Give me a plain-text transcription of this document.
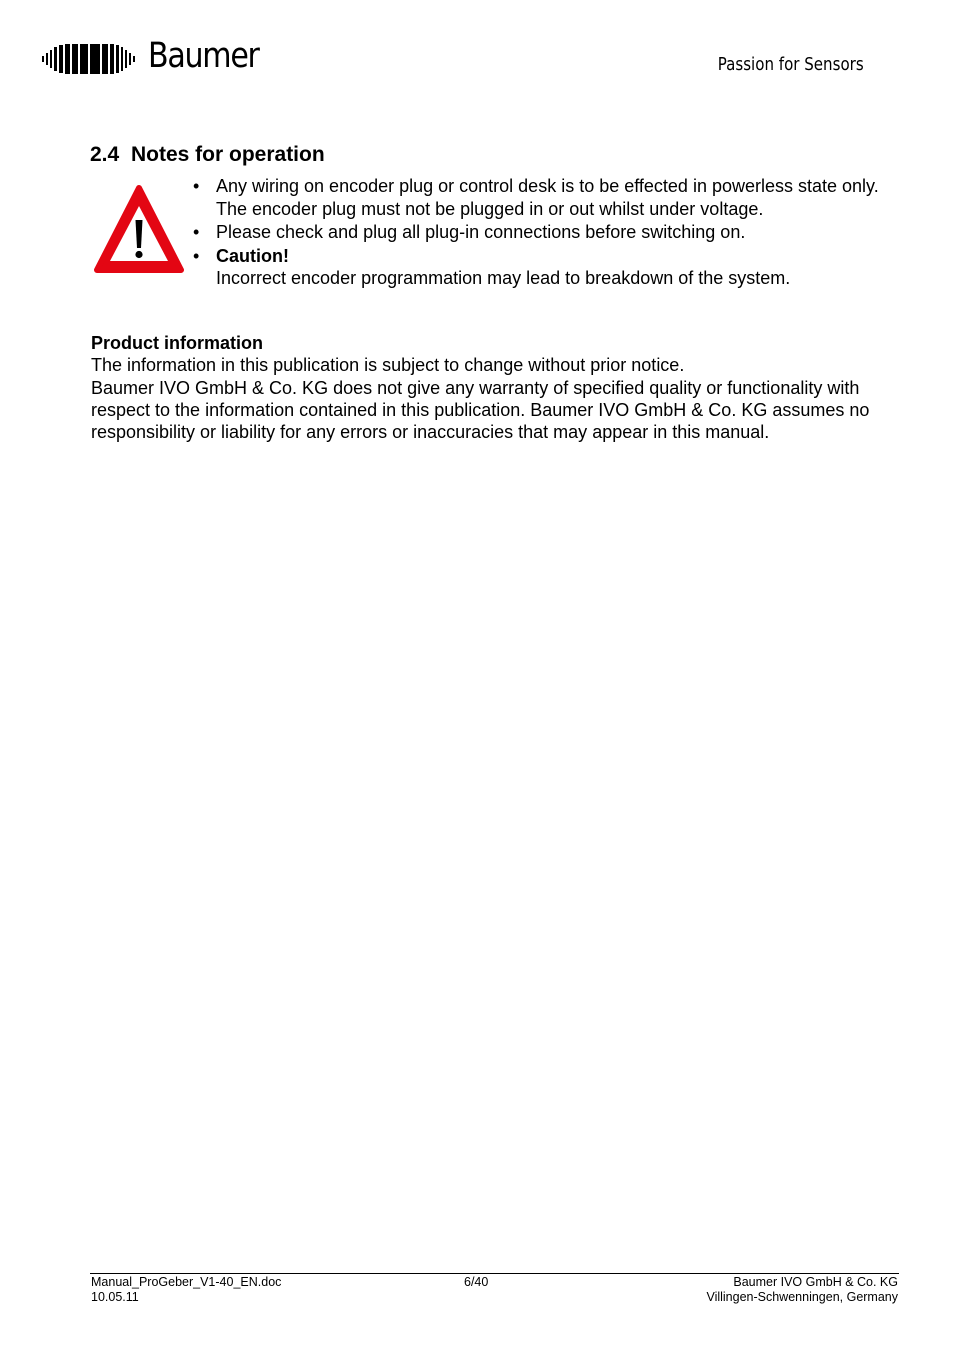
Baumer	Passion for Sensors
2.4 Notes for operation
• Any wiring on encoder plug or control desk is to be effected in powerless state only. The encoder plug must not be plugged in or out whilst under voltage.
• Please check and plug all plug-in connections before switching on.
• Caution!
Incorrect encoder programmation may lead to breakdown of the system.
Product information
The information in this publication is subject to change without prior notice.
Baumer IVO GmbH & Co. KG does not give any warranty of specified quality or functionality with respect to the information contained in this publication. Baumer IVO GmbH & Co. KG assumes no responsibility or liability for any errors or inaccuracies that may appear in this manual.
Manual_ProGeber_V1-40_EN.doc
10.05.11
6/40	Baumer IVO GmbH & Co. KG
Villingen-Schwenningen, Germany
